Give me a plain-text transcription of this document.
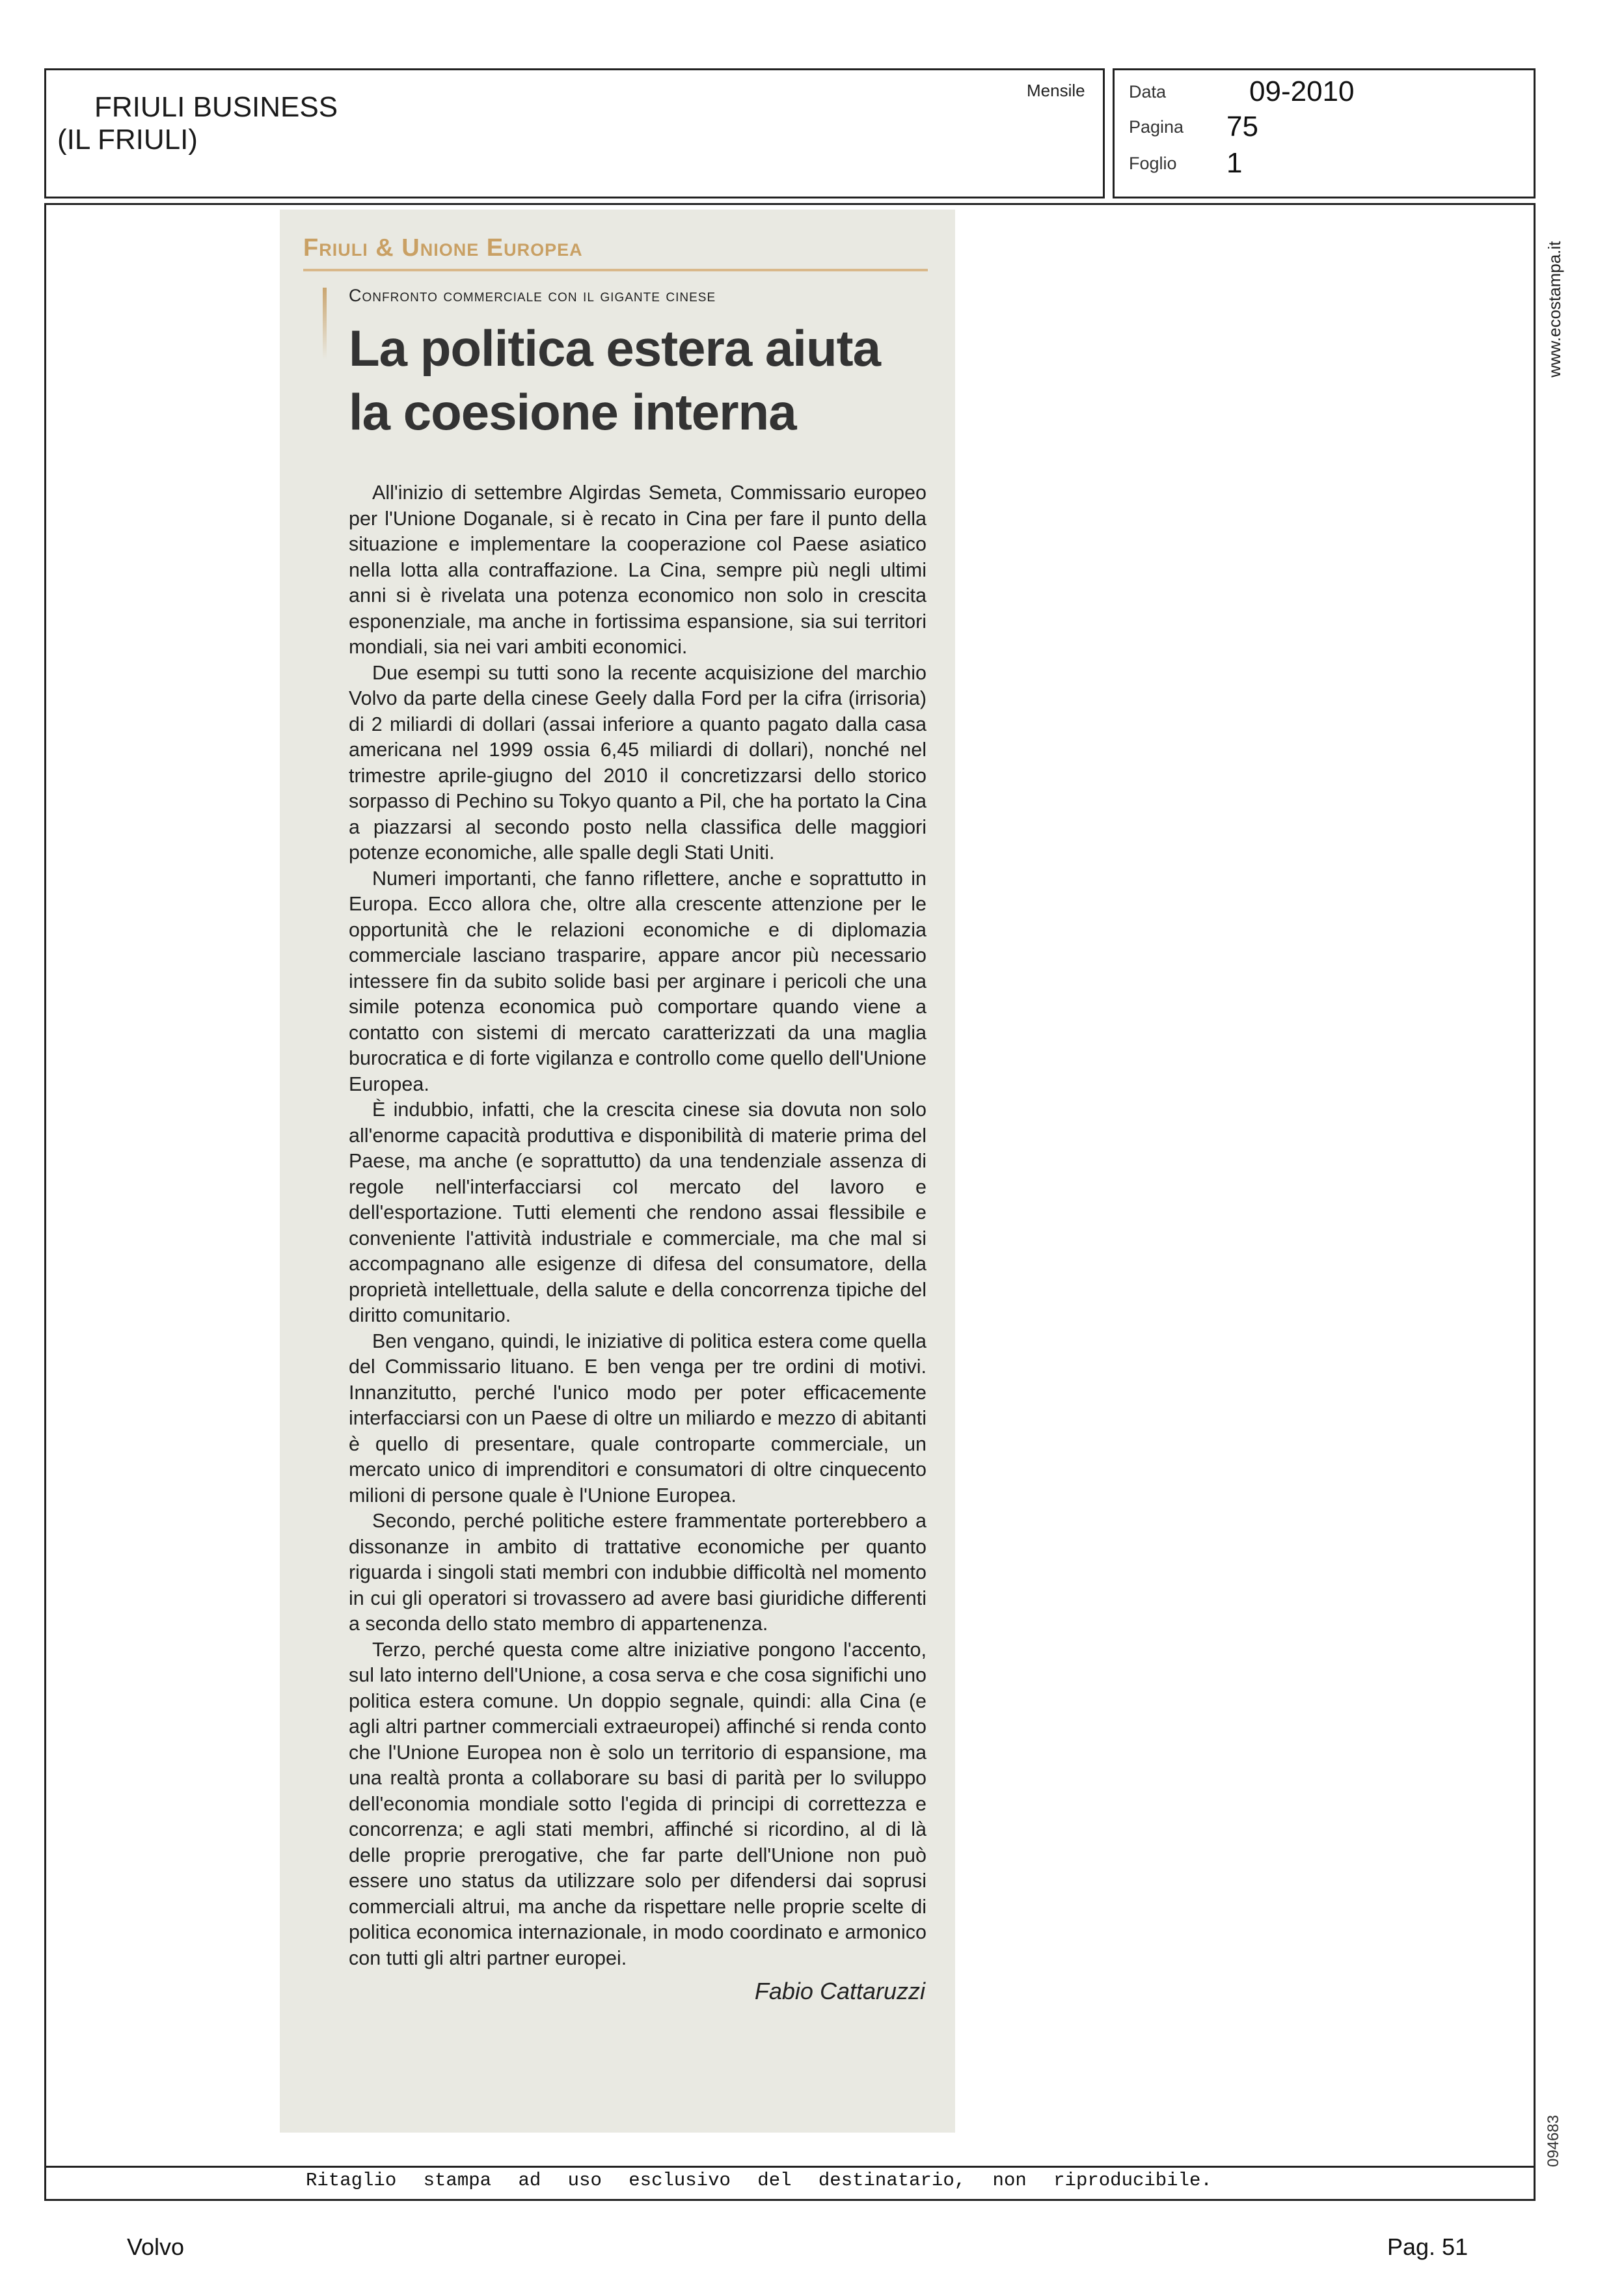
FRIULI BUSINESS
(IL FRIULI)
Mensile Data	09-2010
Pagina 75
Foglio 1
Friuli & Unione Europea
Confronto commerciale con il gigante cinese
La politica estera aiuta
la coesione interna

All'inizio di settembre Algirdas Semeta, Commissario europeo per l'Unione Doganale, si è recato in Cina per fare il punto della situazione e implementare la cooperazione col Paese asiatico nella lotta alla contraffazione. La Cina, sempre più negli ultimi anni si è rivelata una potenza economico non solo in crescita esponenziale, ma anche in fortissima espansione, sia sui territori mondiali, sia nei vari ambiti economici.

Due esempi su tutti sono la recente acquisizione del marchio Volvo da parte della cinese Geely dalla Ford per la cifra (irrisoria) di 2 miliardi di dollari (assai inferiore a quanto pagato dalla casa americana nel 1999 ossia 6,45 miliardi di dollari), nonché nel trimestre aprile-giugno del 2010 il concretizzarsi dello storico sorpasso di Pechino su Tokyo quanto a Pil, che ha portato la Cina a piazzarsi al secondo posto nella classifica delle maggiori potenze economiche, alle spalle degli Stati Uniti.

Numeri importanti, che fanno riflettere, anche e soprattutto in Europa. Ecco allora che, oltre alla crescente attenzione per le opportunità che le relazioni economiche e di diplomazia commerciale lasciano trasparire, appare ancor più necessario intessere fin da subito solide basi per arginare i pericoli che una simile potenza economica può comportare quando viene a contatto con sistemi di mercato caratterizzati da una maglia burocratica e di forte vigilanza e controllo come quello dell'Unione Europea.

È indubbio, infatti, che la crescita cinese sia dovuta non solo all'enorme capacità produttiva e disponibilità di materie prima del Paese, ma anche (e soprattutto) da una tendenziale assenza di regole nell'interfacciarsi col mercato del lavoro e dell'esportazione. Tutti elementi che rendono assai flessibile e conveniente l'attività industriale e commerciale, ma che mal si accompagnano alle esigenze di difesa del consumatore, della proprietà intellettuale, della salute e della concorrenza tipiche del diritto comunitario.

Ben vengano, quindi, le iniziative di politica estera come quella del Commissario lituano. E ben venga per tre ordini di motivi. Innanzitutto, perché l'unico modo per poter efficacemente interfacciarsi con un Paese di oltre un miliardo e mezzo di abitanti è quello di presentare, quale controparte commerciale, un mercato unico di imprenditori e consumatori di oltre cinquecento milioni di persone quale è l'Unione Europea.

Secondo, perché politiche estere frammentate porterebbero a dissonanze in ambito di trattative economiche per quanto riguarda i singoli stati membri con indubbie difficoltà nel momento in cui gli operatori si trovassero ad avere basi giuridiche differenti a seconda dello stato membro di appartenenza.

Terzo, perché questa come altre iniziative pongono l'accento, sul lato interno dell'Unione, a cosa serva e che cosa significhi uno politica estera comune. Un doppio segnale, quindi: alla Cina (e agli altri partner commerciali extraeuropei) affinché si renda conto che l'Unione Europea non è solo un territorio di espansione, ma una realtà pronta a collaborare su basi di parità per lo sviluppo dell'economia mondiale sotto l'egida di principi di correttezza e concorrenza; e agli stati membri, affinché si ricordino, al di là delle proprie prerogative, che far parte dell'Unione non può essere uno status da utilizzare solo per difendersi dai soprusi commerciali altrui, ma anche da rispettare nelle proprie scelte di politica economica internazionale, in modo coordinato e armonico con tutti gli altri partner europei.

Fabio Cattaruzzi
www.ecostampa.it
094683
Ritaglio stampa ad uso esclusivo del destinatario, non riproducibile.
Volvo	Pag. 51
